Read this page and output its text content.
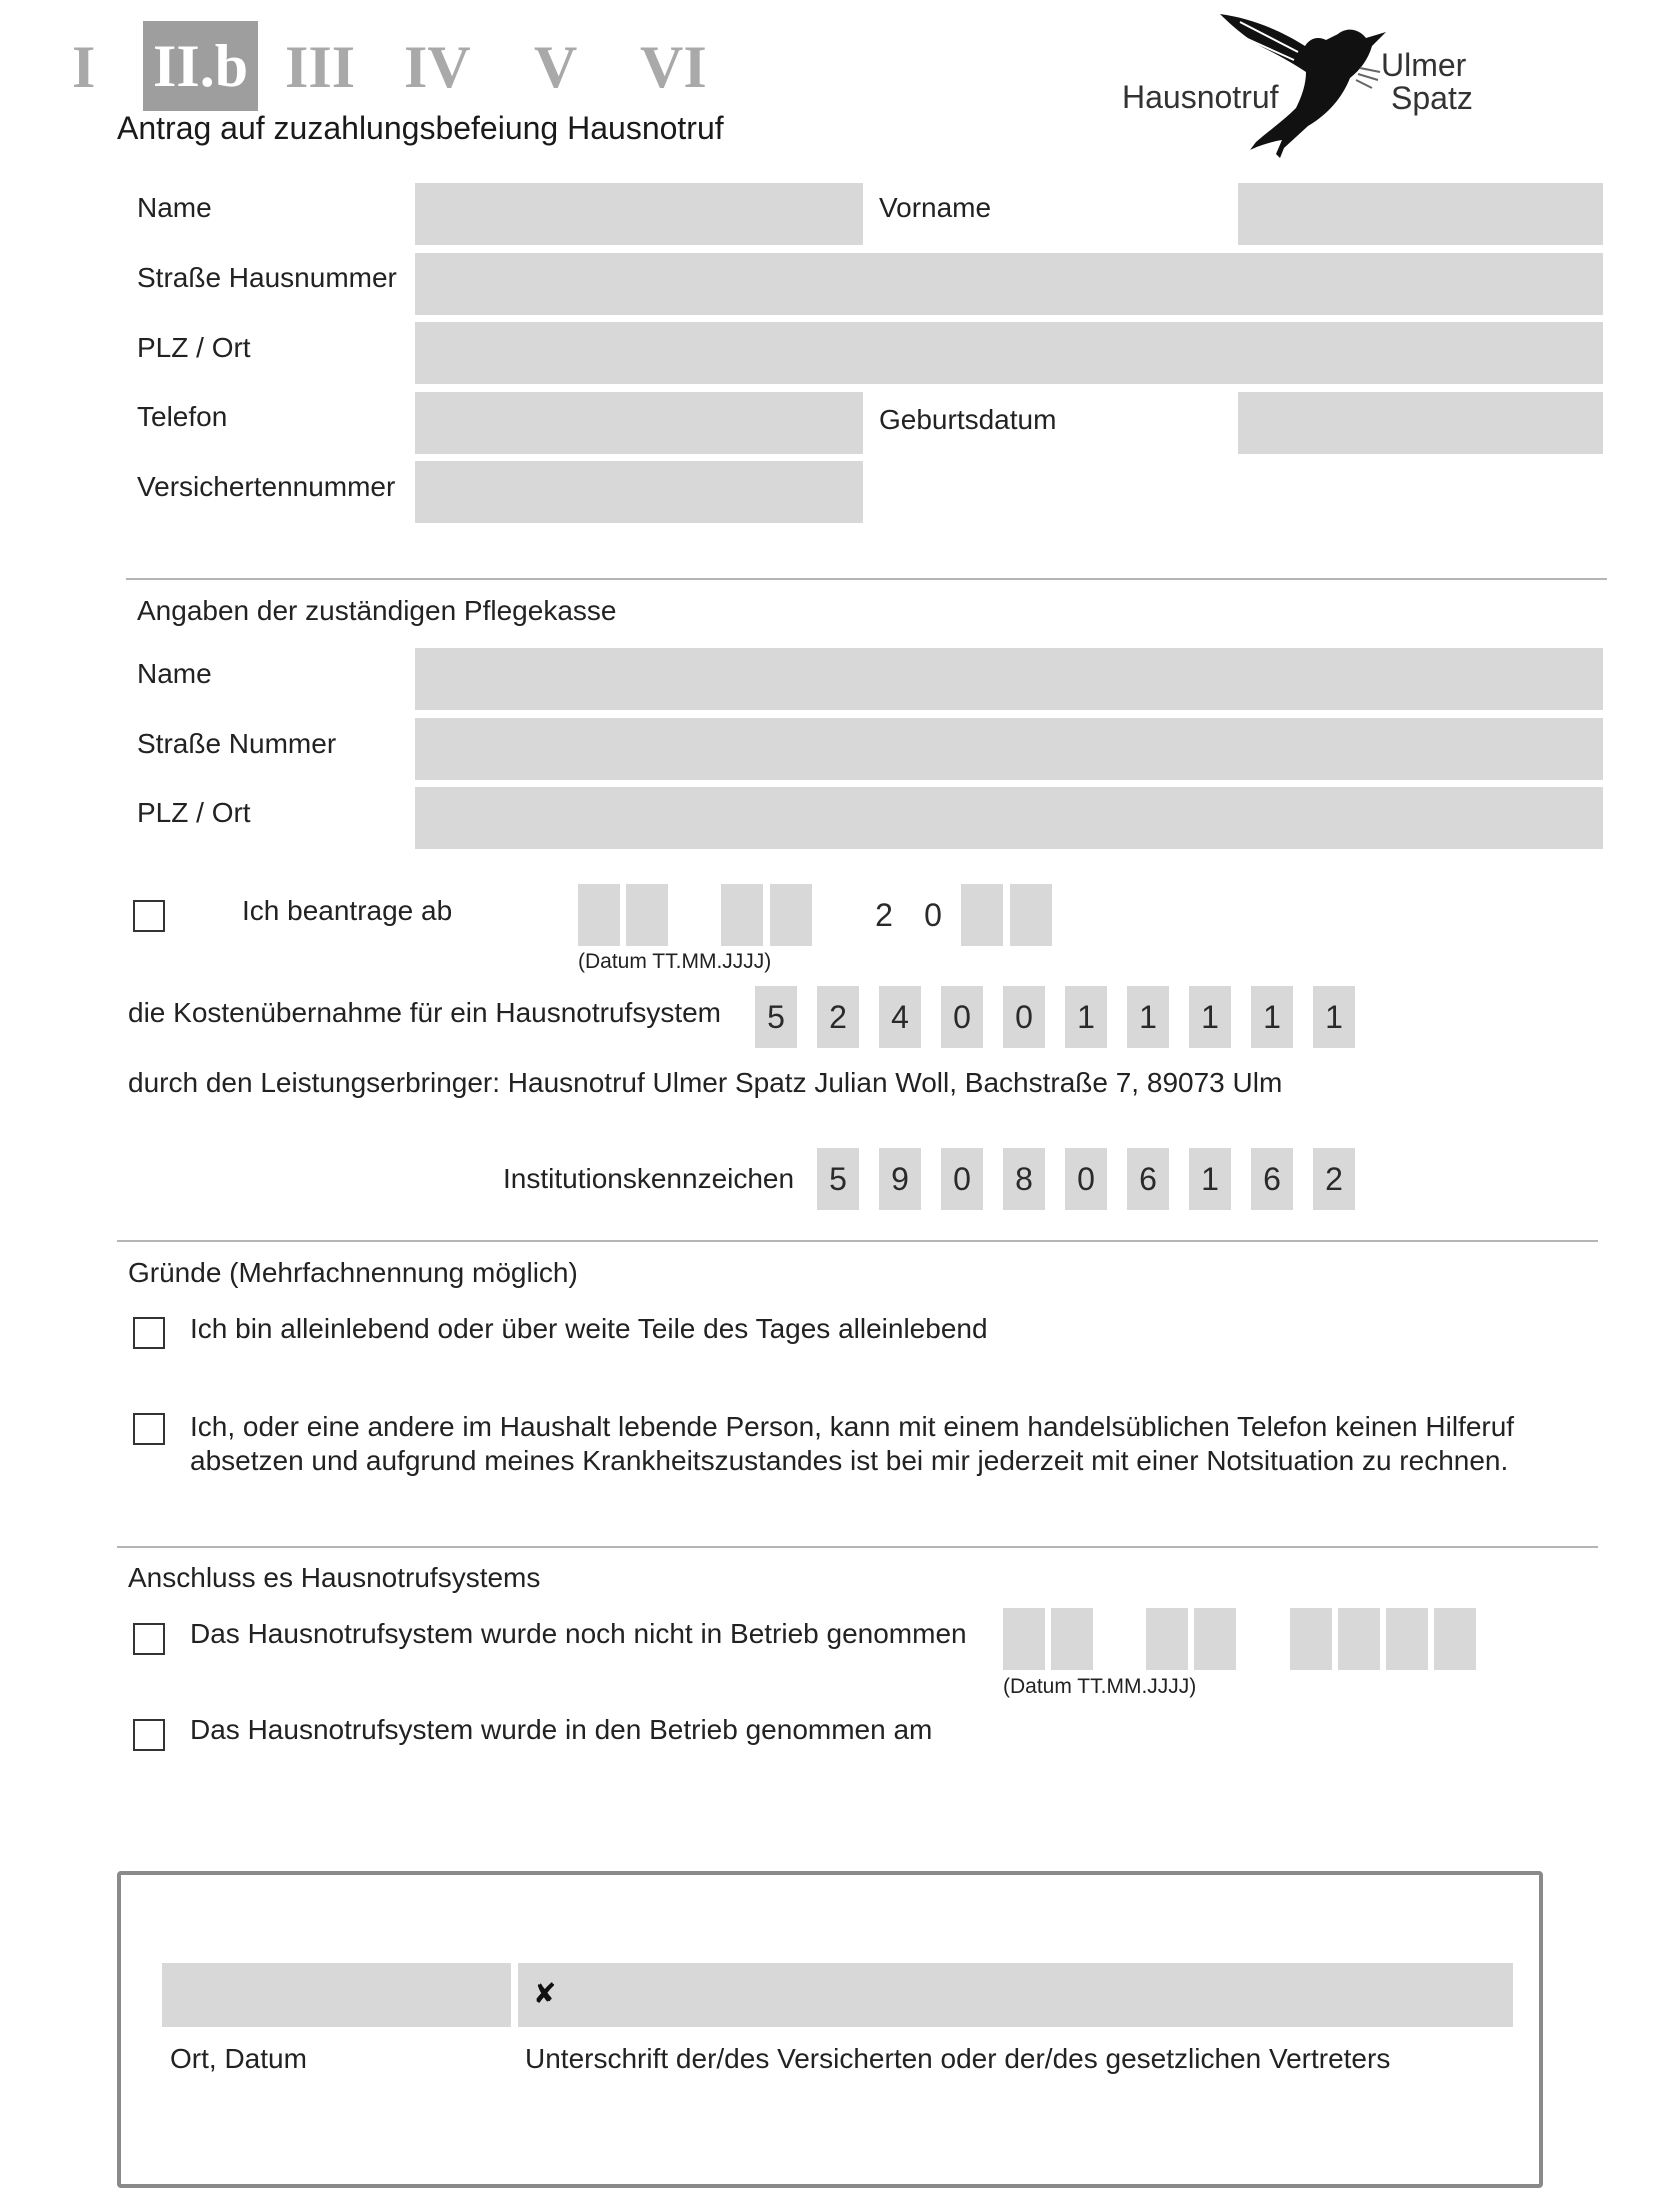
I II.b III IV V VI	Hausnotruf
Ulmer
Spatz
Antrag auf zuzahlungsbefeiung Hausnotruf
Name	Vorname
Straße Hausnummer
PLZ / Ort
Telefon	Geburtsdatum
Versichertennummer
Angaben der zuständigen Pflegekasse
Name
Straße Nummer
PLZ / Ort
Ich beantrage ab	2 0
(Datum TT.MM.JJJJ)
die Kostenübernahme für ein Hausnotrufsystem	5	2	4	0	0	1	1	1	1	1
durch den Leistungserbringer: Hausnotruf Ulmer Spatz Julian Woll, Bachstraße 7, 89073 Ulm
Institutionskennzeichen	5	9	0	8	0	6	1	6	2
Gründe (Mehrfachnennung möglich)
Ich bin alleinlebend oder über weite Teile des Tages alleinlebend
Ich, oder eine andere im Haushalt lebende Person, kann mit einem handelsüblichen Telefon keinen Hilferuf
absetzen und aufgrund meines Krankheitszustandes ist bei mir jederzeit mit einer Notsituation zu rechnen.
Anschluss es Hausnotrufsystems
Das Hausnotrufsystem wurde noch nicht in Betrieb genommen
Das Hausnotrufsystem wurde in den Betrieb genommen am
(Datum TT.MM.JJJJ)
✘
Ort, Datum	Unterschrift der/des Versicherten oder der/des gesetzlichen Vertreters
